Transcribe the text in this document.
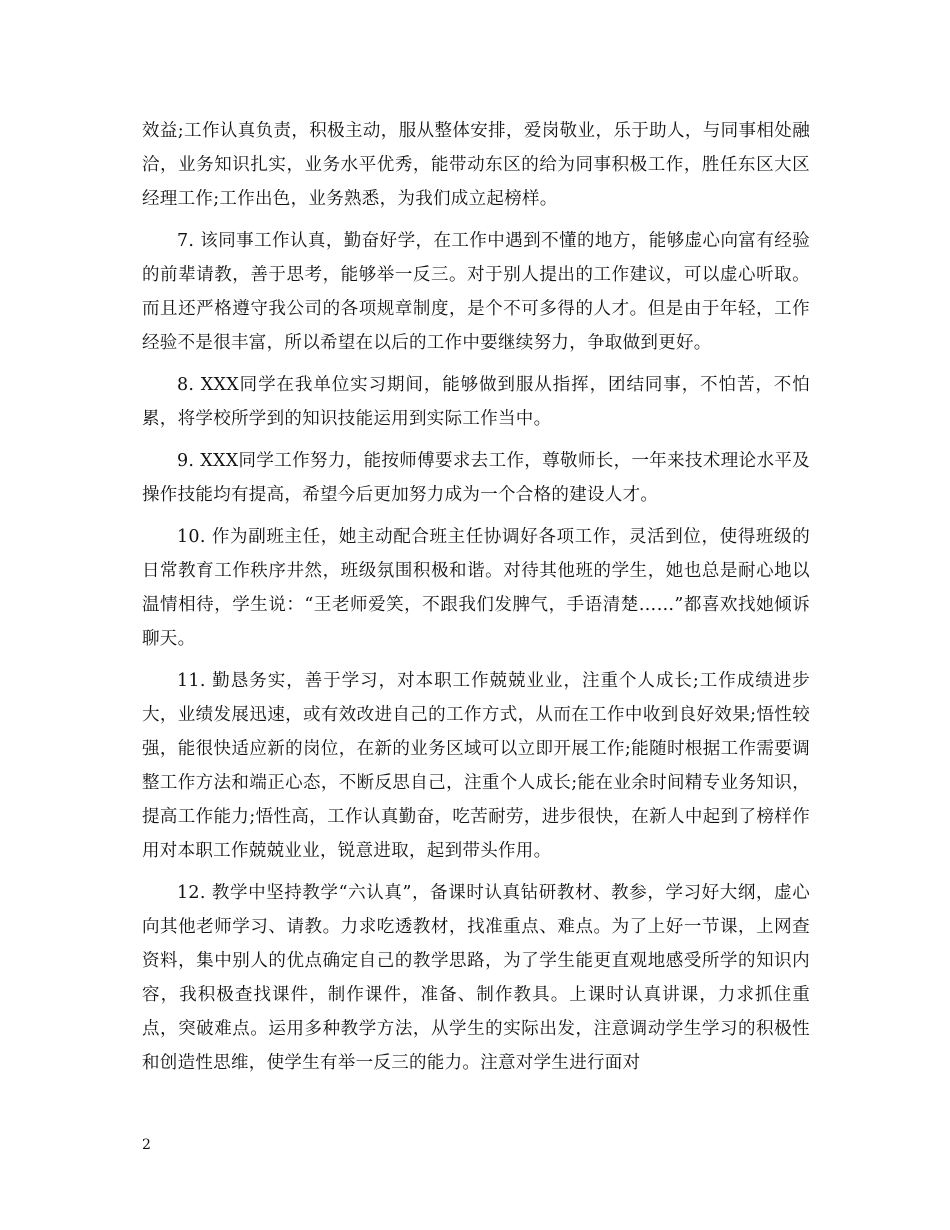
效益;工作认真负责，积极主动，服从整体安排，爱岗敬业，乐于助人，与同事相处融洽，业务知识扎实，业务水平优秀，能带动东区的给为同事积极工作，胜任东区大区经理工作;工作出色，业务熟悉，为我们成立起榜样。

7. 该同事工作认真，勤奋好学，在工作中遇到不懂的地方，能够虚心向富有经验的前辈请教，善于思考，能够举一反三。对于别人提出的工作建议，可以虚心听取。而且还严格遵守我公司的各项规章制度，是个不可多得的人才。但是由于年轻，工作经验不是很丰富，所以希望在以后的工作中要继续努力，争取做到更好。

8. XXX同学在我单位实习期间，能够做到服从指挥，团结同事，不怕苦，不怕累，将学校所学到的知识技能运用到实际工作当中。

9. XXX同学工作努力，能按师傅要求去工作，尊敬师长，一年来技术理论水平及操作技能均有提高，希望今后更加努力成为一个合格的建设人才。

10. 作为副班主任，她主动配合班主任协调好各项工作，灵活到位，使得班级的日常教育工作秩序井然，班级氛围积极和谐。对待其他班的学生，她也总是耐心地以温情相待，学生说：“王老师爱笑，不跟我们发脾气，手语清楚……”都喜欢找她倾诉聊天。

11. 勤恳务实，善于学习，对本职工作兢兢业业，注重个人成长;工作成绩进步大，业绩发展迅速，或有效改进自己的工作方式，从而在工作中收到良好效果;悟性较强，能很快适应新的岗位，在新的业务区域可以立即开展工作;能随时根据工作需要调整工作方法和端正心态，不断反思自己，注重个人成长;能在业余时间精专业务知识，提高工作能力;悟性高，工作认真勤奋，吃苦耐劳，进步很快，在新人中起到了榜样作用对本职工作兢兢业业，锐意进取，起到带头作用。

12. 教学中坚持教学“六认真”，备课时认真钻研教材、教参，学习好大纲，虚心向其他老师学习、请教。力求吃透教材，找准重点、难点。为了上好一节课，上网查资料，集中别人的优点确定自己的教学思路，为了学生能更直观地感受所学的知识内容，我积极查找课件，制作课件，准备、制作教具。上课时认真讲课，力求抓住重点，突破难点。运用多种教学方法，从学生的实际出发，注意调动学生学习的积极性和创造性思维，使学生有举一反三的能力。注意对学生进行面对

2
